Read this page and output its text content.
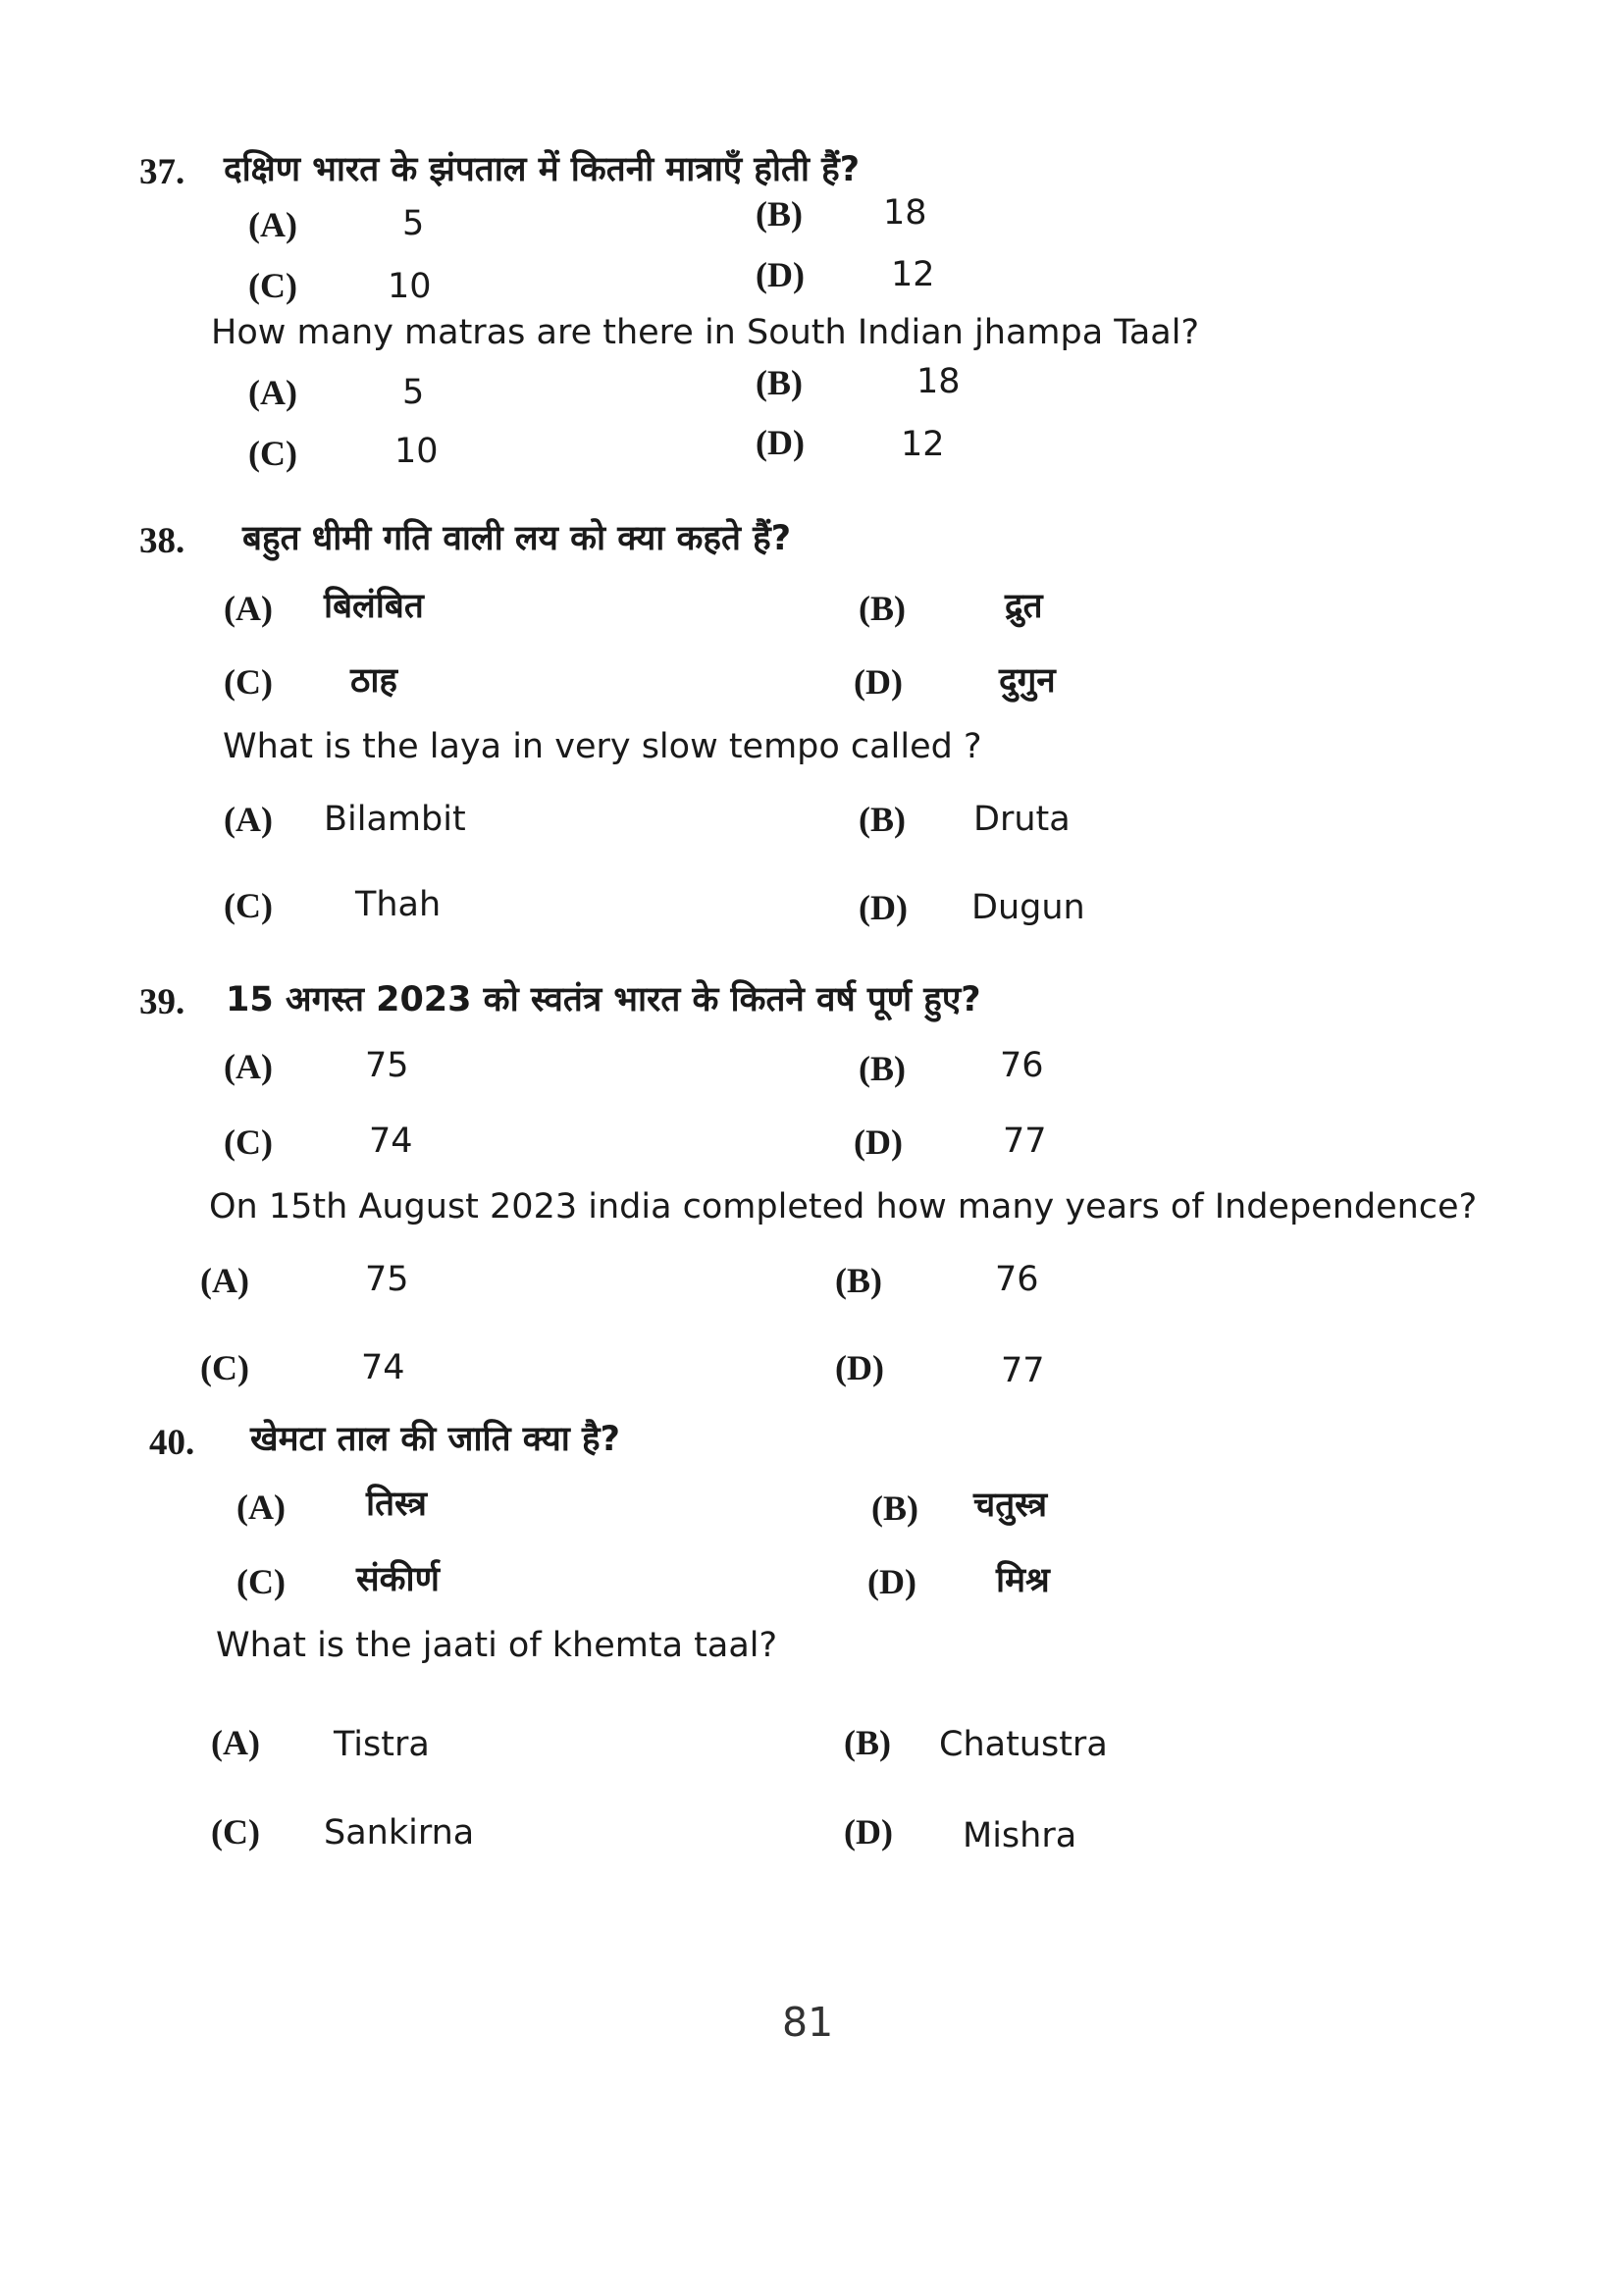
37. दक्षिण भारत के झंपताल में कितनी मात्राएँ होती हैं?
(A)	5	(B) 18
(C)	10	(D)	12
How many matras are there in South Indian jhampa Taal?
(A)	5	(B)	18
(C)	10	(D)	12
38. बहुत धीमी गति वाली लय को क्या कहते हैं?
(A) बिलंबित	(B)	द्रुत
(C) ठाह	(D)	दुगुन
What is the laya in very slow tempo called ?
(A) Bilambit	(B) Druta
(C) Thah	(D) Dugun
39. 15 अगस्त 2023 को स्वतंत्र भारत के कितने वर्ष पूर्ण हुए?
(A)	75	(B)	76
(C)	74	(D)	77
On 15th August 2023 india completed how many years of Independence?
(A)	75	(B)	76
(C)	74	(D)	77
40. खेमटा ताल की जाति क्या है?
(A) तिस्त्र	(B) चतुस्त्र
(C) संकीर्ण	(D) मिश्र
What is the jaati of khemta taal?
(A) Tistra	(B) Chatustra
(C) Sankirna	(D) Mishra
81
